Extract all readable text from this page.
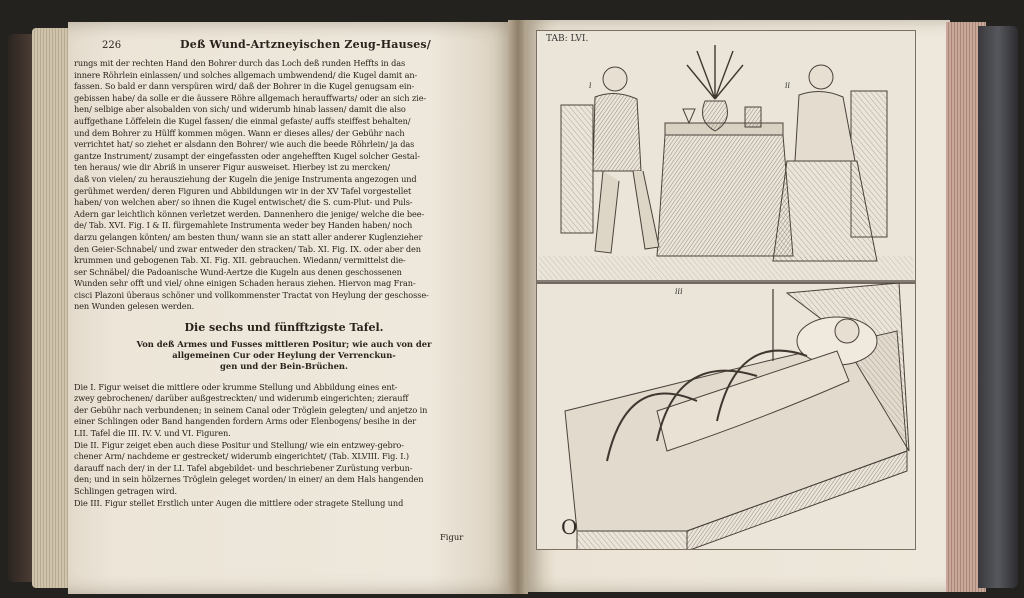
226	Deß Wund-Artzneyischen Zeug-Hauses/
rungs mit der rechten Hand den Bohrer durch das Loch deß runden Heffts in das
innere Röhrlein einlassen/ und solches allgemach umbwendend/ die Kugel damit an-
fassen. So bald er dann verspüren wird/ daß der Bohrer in die Kugel genugsam ein-
gebissen habe/ da solle er die äussere Röhre allgemach herauffwarts/ oder an sich zie-
hen/ selbige aber alsobalden von sich/ und widerumb hinab lassen/ damit die also
auffgethane Löffelein die Kugel fassen/ die einmal gefaste/ auffs steiffest behalten/
und dem Bohrer zu Hülff kommen mögen. Wann er dieses alles/ der Gebühr nach
verrichtet hat/ so ziehet er alsdann den Bohrer/ wie auch die beede Röhrlein/ ja das
gantze Instrument/ zusampt der eingefassten oder angehefften Kugel solcher Gestal-
ten heraus/ wie dir Abriß in unserer Figur ausweiset. Hierbey ist zu mercken/
daß von vielen/ zu herausziehung der Kugeln die jenige Instrumenta angezogen und
gerühmet werden/ deren Figuren und Abbildungen wir in der XV Tafel vorgestellet
haben/ von welchen aber/ so ihnen die Kugel entwischet/ die S. cum-Plut- und Puls-
Adern gar leichtlich können verletzet werden. Dannenhero die jenige/ welche die bee-
de/ Tab. XVI. Fig. I & II. fürgemahlete Instrumenta weder bey Handen haben/ noch
darzu gelangen könten/ am besten thun/ wann sie an statt aller anderer Kuglenzieher
den Geier-Schnabel/ und zwar entweder den stracken/ Tab. XI. Fig. IX. oder aber den
krummen und gebogenen Tab. XI. Fig. XII. gebrauchen. Wiedann/ vermittelst die-
ser Schnäbel/ die Padoanische Wund-Aertze die Kugeln aus denen geschossenen
Wunden sehr offt und viel/ ohne einigen Schaden heraus ziehen. Hiervon mag Fran-
cisci Plazoni überaus schöner und vollkommenster Tractat von Heylung der geschosse-
nen Wunden gelesen werden.
Die sechs und fünfftzigste Tafel.
Von deß Armes und Fusses mittleren Positur; wie auch von der
allgemeinen Cur oder Heylung der Verrenckun-
gen und der Bein-Brüchen.
Die I. Figur weiset die mittlere oder krumme Stellung und Abbildung eines ent-
zwey gebrochenen/ darüber außgestreckten/ und widerumb eingerichten; zierauff
der Gebühr nach verbundenen; in seinem Canal oder Tröglein gelegten/ und anjetzo in
einer Schlingen oder Band hangenden fordern Arms oder Elenbogens/ besihe in der
LII. Tafel die III. IV. V. und VI. Figuren.
Die II. Figur zeiget eben auch diese Positur und Stellung/ wie ein entzwey-gebro-
chener Arm/ nachdeme er gestrecket/ widerumb eingerichtet/ (Tab. XLVIII. Fig. I.)
darauff nach der/ in der LI. Tafel abgebildet- und beschriebener Zurüstung verbun-
den; und in sein hölzernes Tröglein geleget worden/ in einer/ an dem Hals hangenden
Schlingen getragen wird.
Die III. Figur stellet Erstlich unter Augen die mittlere oder stragete Stellung und
Figur
i	ii
iii
O
TAB: LVI.
